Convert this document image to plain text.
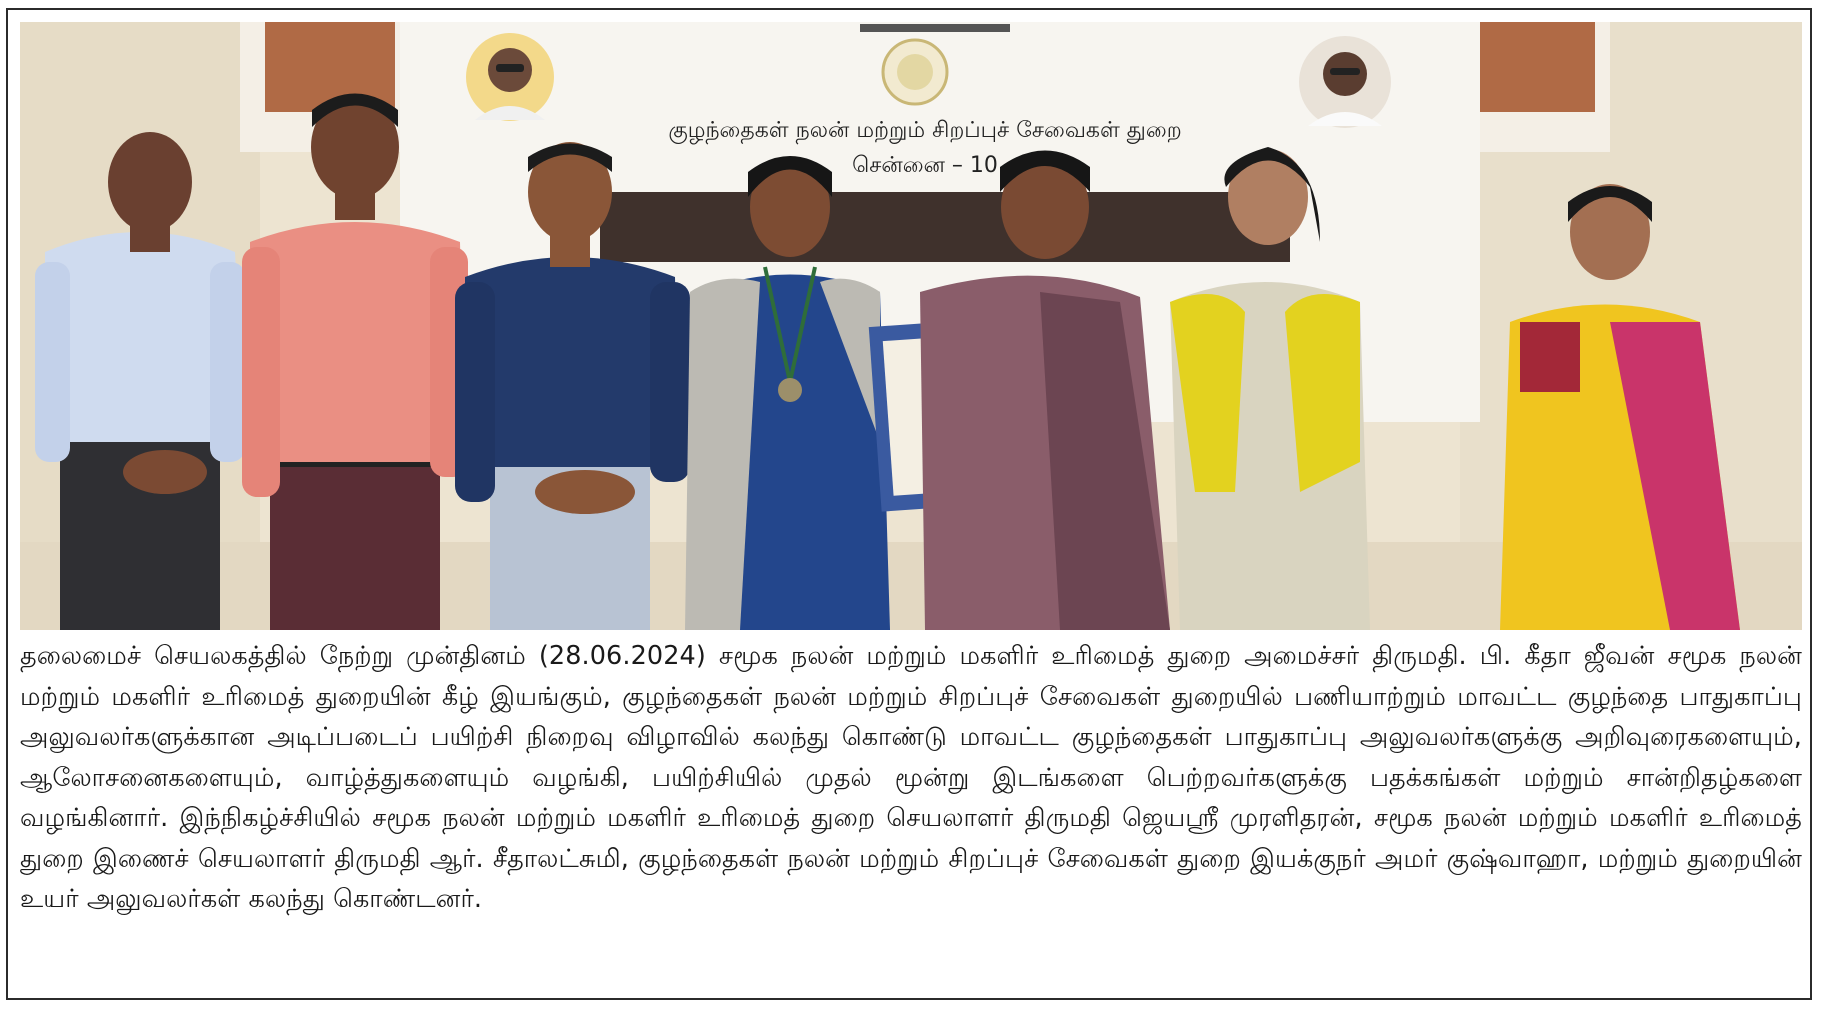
குழந்தைகள் நலன் மற்றும் சிறப்புச் சேவைகள் துறை
சென்னை – 10

தலைமைச் செயலகத்தில் நேற்று முன்தினம் (28.06.2024) சமூக நலன் மற்றும் மகளிர் உரிமைத் துறை அமைச்சர் திருமதி. பி. கீதா ஜீவன் சமூக நலன் மற்றும் மகளிர் உரிமைத் துறையின் கீழ் இயங்கும், குழந்தைகள் நலன் மற்றும் சிறப்புச் சேவைகள் துறையில் பணியாற்றும் மாவட்ட குழந்தை பாதுகாப்பு அலுவலர்களுக்கான அடிப்படைப் பயிற்சி நிறைவு விழாவில் கலந்து கொண்டு மாவட்ட குழந்தைகள் பாதுகாப்பு அலுவலர்களுக்கு அறிவுரைகளையும், ஆலோசனைகளையும், வாழ்த்துகளையும் வழங்கி, பயிற்சியில் முதல் மூன்று இடங்களை பெற்றவர்களுக்கு பதக்கங்கள் மற்றும் சான்றிதழ்களை வழங்கினார். இந்நிகழ்ச்சியில் சமூக நலன் மற்றும் மகளிர் உரிமைத் துறை செயலாளர் திருமதி ஜெயஸ்ரீ முரளிதரன், சமூக நலன் மற்றும் மகளிர் உரிமைத் துறை இணைச் செயலாளர் திருமதி ஆர். சீதாலட்சுமி, குழந்தைகள் நலன் மற்றும் சிறப்புச் சேவைகள் துறை இயக்குநர் அமர் குஷ்வாஹா, மற்றும் துறையின் உயர் அலுவலர்கள் கலந்து கொண்டனர்.
